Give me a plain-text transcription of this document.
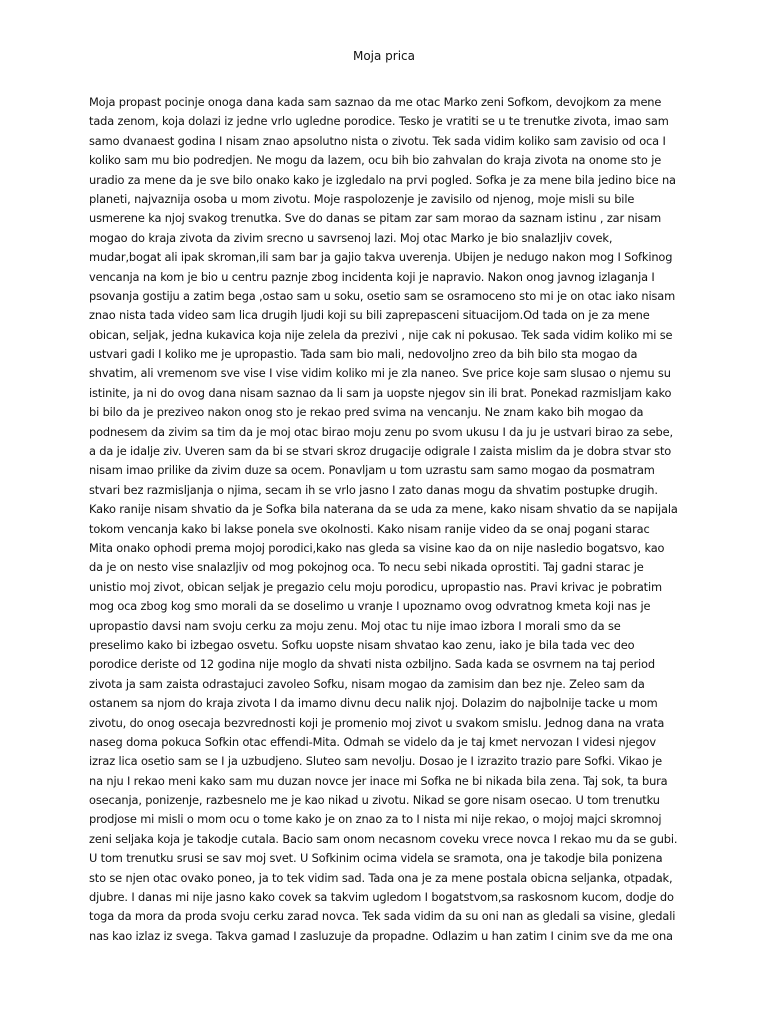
Moja prica
Moja propast pocinje onoga dana kada sam saznao da me otac Marko zeni Sofkom, devojkom za mene
tada zenom, koja dolazi iz jedne vrlo ugledne porodice. Tesko je vratiti se u te trenutke zivota, imao sam
samo dvanaest godina I nisam znao apsolutno nista o zivotu. Tek sada vidim koliko sam zavisio od oca I
koliko sam mu bio podredjen. Ne mogu da lazem, ocu bih bio zahvalan do kraja zivota na onome sto je
uradio za mene da je sve bilo onako kako je izgledalo na prvi pogled. Sofka je za mene bila jedino bice na
planeti, najvaznija osoba u mom zivotu. Moje raspolozenje je zavisilo od njenog, moje misli su bile
usmerene ka njoj svakog trenutka. Sve do danas se pitam zar sam morao da saznam istinu , zar nisam
mogao do kraja zivota da zivim srecno u savrsenoj lazi. Moj otac Marko je bio snalazljiv covek,
mudar,bogat ali ipak skroman,ili sam bar ja gajio takva uverenja. Ubijen je nedugo nakon mog I Sofkinog
vencanja na kom je bio u centru paznje zbog incidenta koji je napravio. Nakon onog javnog izlaganja I
psovanja gostiju a zatim bega ,ostao sam u soku, osetio sam se osramoceno sto mi je on otac iako nisam
znao nista tada video sam lica drugih ljudi koji su bili zaprepasceni situacijom.Od tada on je za mene
obican, seljak, jedna kukavica koja nije zelela da prezivi , nije cak ni pokusao. Tek sada vidim koliko mi se
ustvari gadi I koliko me je upropastio. Tada sam bio mali, nedovoljno zreo da bih bilo sta mogao da
shvatim, ali vremenom sve vise I vise vidim koliko mi je zla naneo. Sve price koje sam slusao o njemu su
istinite, ja ni do ovog dana nisam saznao da li sam ja uopste njegov sin ili brat. Ponekad razmisljam kako
bi bilo da je preziveo nakon onog sto je rekao pred svima na vencanju. Ne znam kako bih mogao da
podnesem da zivim sa tim da je moj otac birao moju zenu po svom ukusu I da ju je ustvari birao za sebe,
a da je idalje ziv. Uveren sam da bi se stvari skroz drugacije odigrale I zaista mislim da je dobra stvar sto
nisam imao prilike da zivim duze sa ocem. Ponavljam u tom uzrastu sam samo mogao da posmatram
stvari bez razmisljanja o njima, secam ih se vrlo jasno I zato danas mogu da shvatim postupke drugih.
Kako ranije nisam shvatio da je Sofka bila naterana da se uda za mene, kako nisam shvatio da se napijala
tokom vencanja kako bi lakse ponela sve okolnosti. Kako nisam ranije video da se onaj pogani starac
Mita onako ophodi prema mojoj porodici,kako nas gleda sa visine kao da on nije nasledio bogatsvo, kao
da je on nesto vise snalazljiv od mog pokojnog oca. To necu sebi nikada oprostiti. Taj gadni starac je
unistio moj zivot, obican seljak je pregazio celu moju porodicu, upropastio nas. Pravi krivac je pobratim
mog oca zbog kog smo morali da se doselimo u vranje I upoznamo ovog odvratnog kmeta koji nas je
upropastio davsi nam svoju cerku za moju zenu. Moj otac tu nije imao izbora I morali smo da se
preselimo kako bi izbegao osvetu. Sofku uopste nisam shvatao kao zenu, iako je bila tada vec deo
porodice deriste od 12 godina nije moglo da shvati nista ozbiljno. Sada kada se osvrnem na taj period
zivota ja sam zaista odrastajuci zavoleo Sofku, nisam mogao da zamisim dan bez nje. Zeleo sam da
ostanem sa njom do kraja zivota I da imamo divnu decu nalik njoj. Dolazim do najbolnije tacke u mom
zivotu, do onog osecaja bezvrednosti koji je promenio moj zivot u svakom smislu. Jednog dana na vrata
naseg doma pokuca Sofkin otac effendi-Mita. Odmah se videlo da je taj kmet nervozan I videsi njegov
izraz lica osetio sam se I ja uzbudjeno. Sluteo sam nevolju. Dosao je I izrazito trazio pare Sofki. Vikao je
na nju I rekao meni kako sam mu duzan novce jer inace mi Sofka ne bi nikada bila zena. Taj sok, ta bura
osecanja, ponizenje, razbesnelo me je kao nikad u zivotu. Nikad se gore nisam osecao. U tom trenutku
prodjose mi misli o mom ocu o tome kako je on znao za to I nista mi nije rekao, o mojoj majci skromnoj
zeni seljaka koja je takodje cutala. Bacio sam onom necasnom coveku vrece novca I rekao mu da se gubi.
U tom trenutku srusi se sav moj svet. U Sofkinim ocima videla se sramota, ona je takodje bila ponizena
sto se njen otac ovako poneo, ja to tek vidim sad. Tada ona je za mene postala obicna seljanka, otpadak,
djubre. I danas mi nije jasno kako covek sa takvim ugledom I bogatstvom,sa raskosnom kucom, dodje do
toga da mora da proda svoju cerku zarad novca. Tek sada vidim da su oni nan as gledali sa visine, gledali
nas kao izlaz iz svega. Takva gamad I zasluzuje da propadne. Odlazim u han zatim I cinim sve da me ona
